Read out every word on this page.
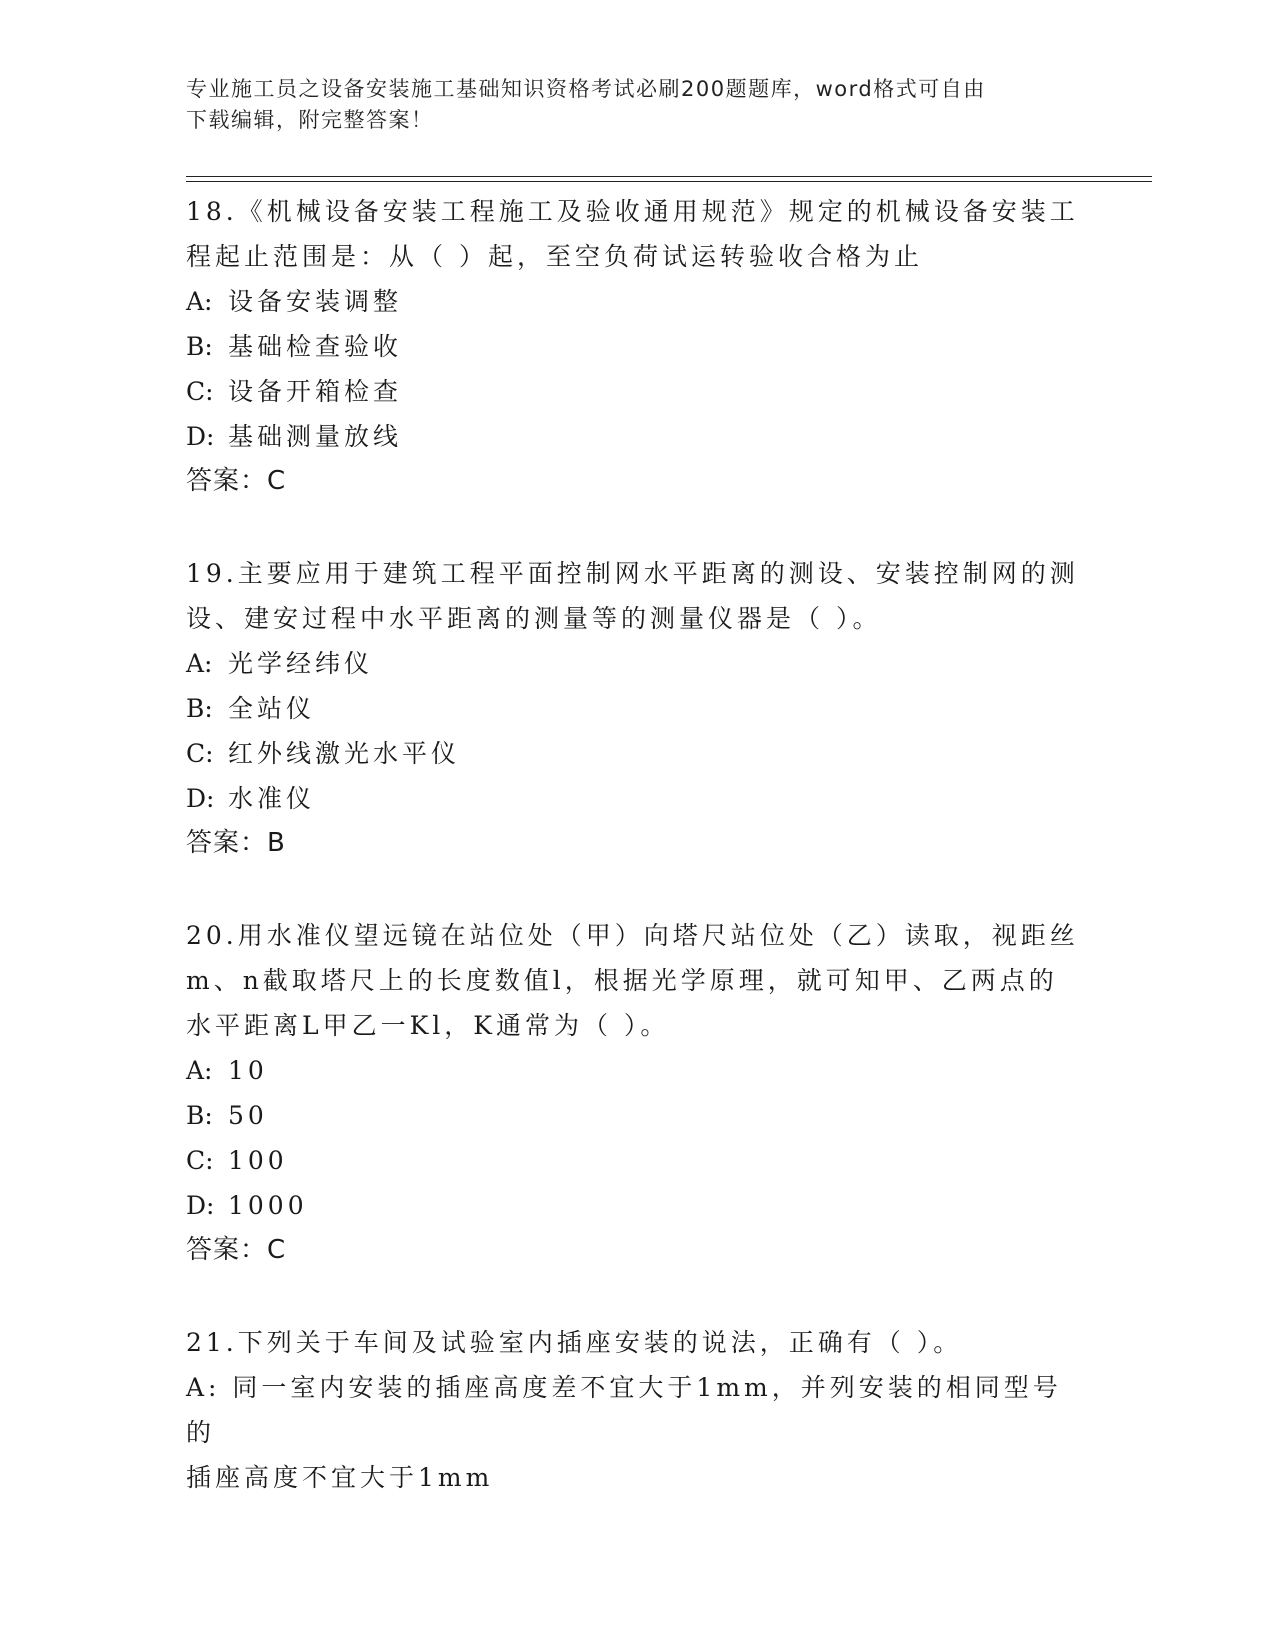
专业施工员之设备安装施工基础知识资格考试必刷200题题库，word格式可自由
下载编辑，附完整答案！

18.《机械设备安装工程施工及验收通用规范》规定的机械设备安装工
程起止范围是：从（ ）起，至空负荷试运转验收合格为止

A: 设备安装调整

B: 基础检查验收

C: 设备开箱检查

D: 基础测量放线

答案：C

19.主要应用于建筑工程平面控制网水平距离的测设、安装控制网的测
设、建安过程中水平距离的测量等的测量仪器是（ ）。

A: 光学经纬仪

B: 全站仪

C: 红外线激光水平仪

D: 水准仪

答案：B

20.用水准仪望远镜在站位处（甲）向塔尺站位处（乙）读取，视距丝
m、n截取塔尺上的长度数值l，根据光学原理，就可知甲、乙两点的
水平距离L甲乙一Kl，K通常为（ ）。

A: 10

B: 50

C: 100

D: 1000

答案：C

21.下列关于车间及试验室内插座安装的说法，正确有（ ）。

A: 同一室内安装的插座高度差不宜大于1mm，并列安装的相同型号的
插座高度不宜大于1mm
